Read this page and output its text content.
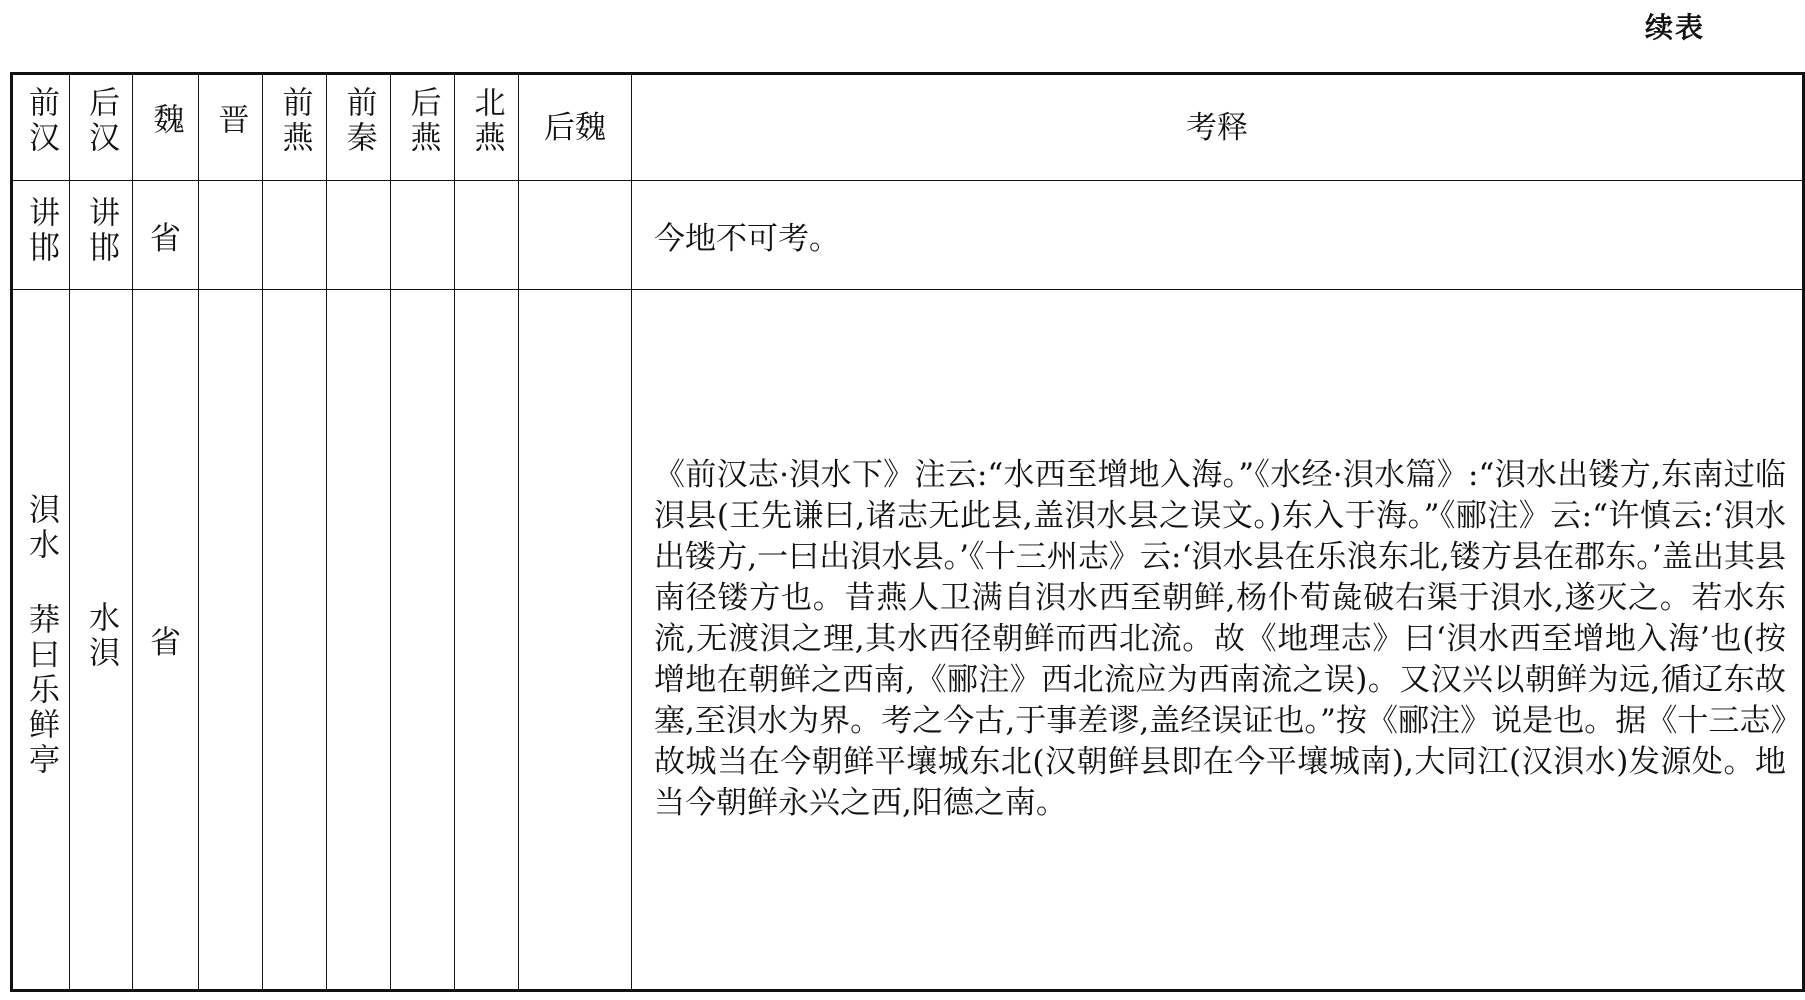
续表
前汉	后汉	魏	晋	前燕	前秦	后燕	北燕	后魏	考释
讲邯	讲邯	省							今地不可考。
浿水 莽曰乐鲜亭	水浿	省							《前汉志·浿水下》注云:“水西至增地入海。”《水经·浿水篇》:“浿水出镂方,东南过临浿县(王先谦曰,诸志无此县,盖浿水县之误文。)东入于海。”《郦注》云:“许慎云:‘浿水出镂方,一曰出浿水县。’《十三州志》云:‘浿水县在乐浪东北,镂方县在郡东。’盖出其县南径镂方也。昔燕人卫满自浿水西至朝鲜,杨仆荀彘破右渠于浿水,遂灭之。若水东流,无渡浿之理,其水西径朝鲜而西北流。故《地理志》曰‘浿水西至增地入海’也(按增地在朝鲜之西南,《郦注》西北流应为西南流之误)。又汉兴以朝鲜为远,循辽东故塞,至浿水为界。考之今古,于事差谬,盖经误证也。”按《郦注》说是也。据《十三志》故城当在今朝鲜平壤城东北(汉朝鲜县即在今平壤城南),大同江(汉浿水)发源处。地当今朝鲜永兴之西,阳德之南。
